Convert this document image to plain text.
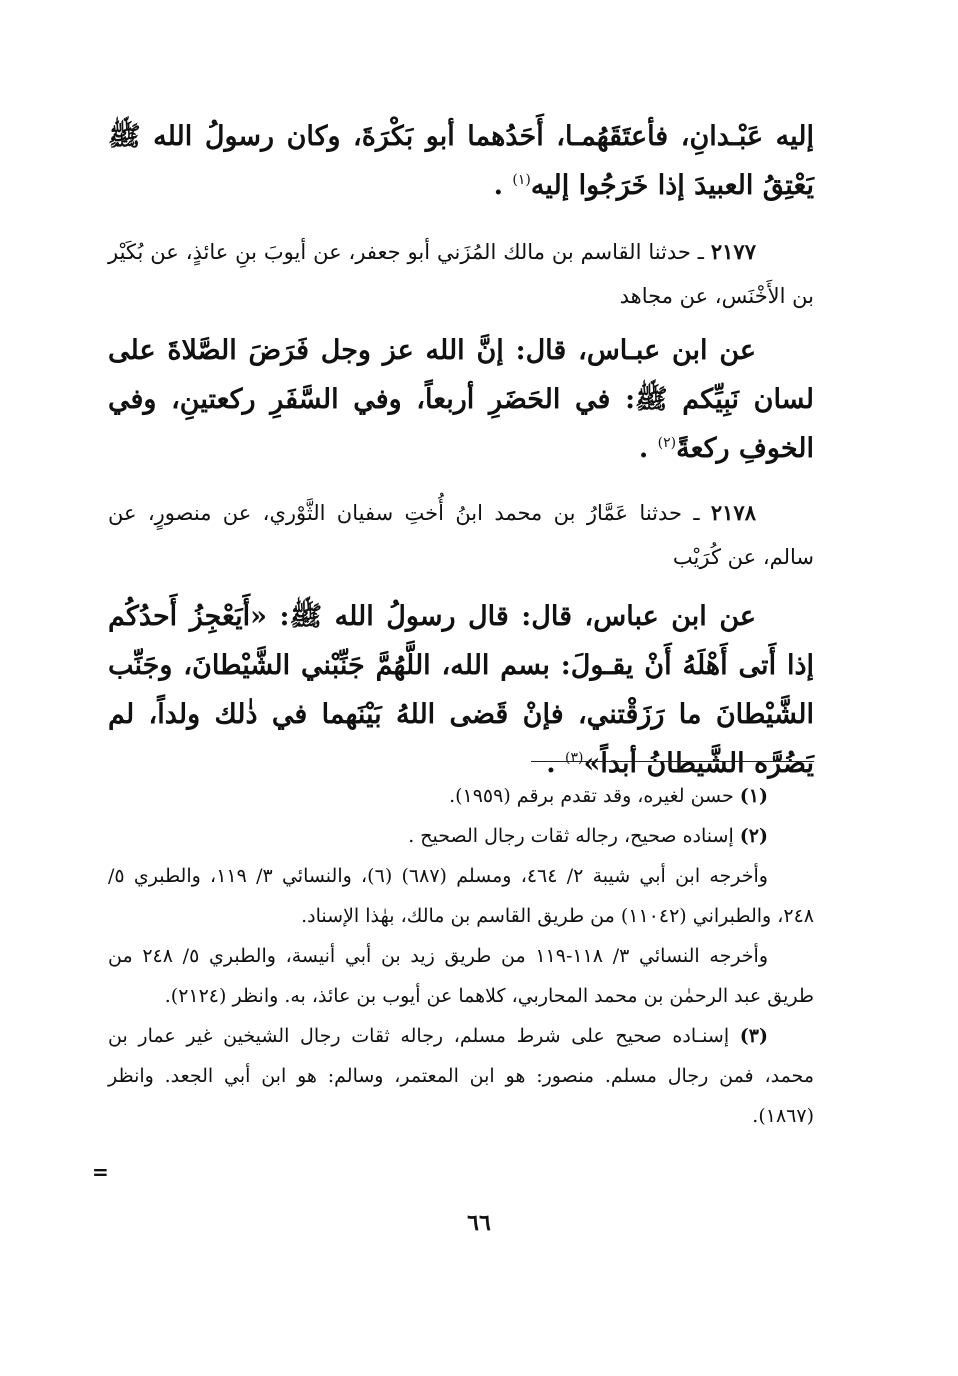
إليه عَبْـدانِ، فأعتَقَهُمـا، أَحَدُهما أبو بَكْرَةَ، وكان رسولُ الله ﷺ يَعْتِقُ العبيدَ إذا خَرَجُوا إليه$^{(١)}$ .

٢١٧٧ ـ حدثنا القاسم بن مالك المُزَني أبو جعفر، عن أيوبَ بنِ عائذٍ، عن بُكَيْر بن الأَخْنَس، عن مجاهد

عن ابن عبـاس، قال: إنَّ الله عز وجل فَرَضَ الصَّلاةَ على لسان نَبِيِّكم ﷺ: في الحَضَرِ أربعاً، وفي السَّفَرِ ركعتينِ، وفي الخوفِ ركعةً$^{(٢)}$ .

٢١٧٨ ـ حدثنا عَمَّارُ بن محمد ابنُ أُختِ سفيان الثَّوْري، عن منصورٍ، عن سالم، عن كُرَيْب

عن ابن عباس، قال: قال رسولُ الله ﷺ: «أَيَعْجِزُ أَحدُكُم إذا أَتى أَهْلَهُ أَنْ يقـولَ: بسم الله، اللَّهُمَّ جَنِّبْني الشَّيْطانَ، وجَنِّب الشَّيْطانَ ما رَزَقْتني، فإنْ قَضى اللهُ بَيْنَهما في ذٰلك ولداً، لم يَضُرَّه الشَّيطانُ أبداً»$^{(٣)}$ .

(١) حسن لغيره، وقد تقدم برقم (١٩٥٩).

(٢) إسناده صحيح، رجاله ثقات رجال الصحيح .

وأخرجه ابن أبي شيبة ٢/ ٤٦٤، ومسلم (٦٨٧) (٦)، والنسائي ٣/ ١١٩، والطبري ٥/ ٢٤٨، والطبراني (١١٠٤٢) من طريق القاسم بن مالك، بهٰذا الإسناد.

وأخرجه النسائي ٣/ ١١٨-١١٩ من طريق زيد بن أبي أنيسة، والطبري ٥/ ٢٤٨ من طريق عبد الرحمٰن بن محمد المحاربي، كلاهما عن أيوب بن عائذ، به. وانظر (٢١٢٤).

(٣) إسنـاده صحيح على شرط مسلم، رجاله ثقات رجال الشيخين غير عمار بن محمد، فمن رجال مسلم. منصور: هو ابن المعتمر، وسالم: هو ابن أبي الجعد. وانظر (١٨٦٧).

=
٦٦
